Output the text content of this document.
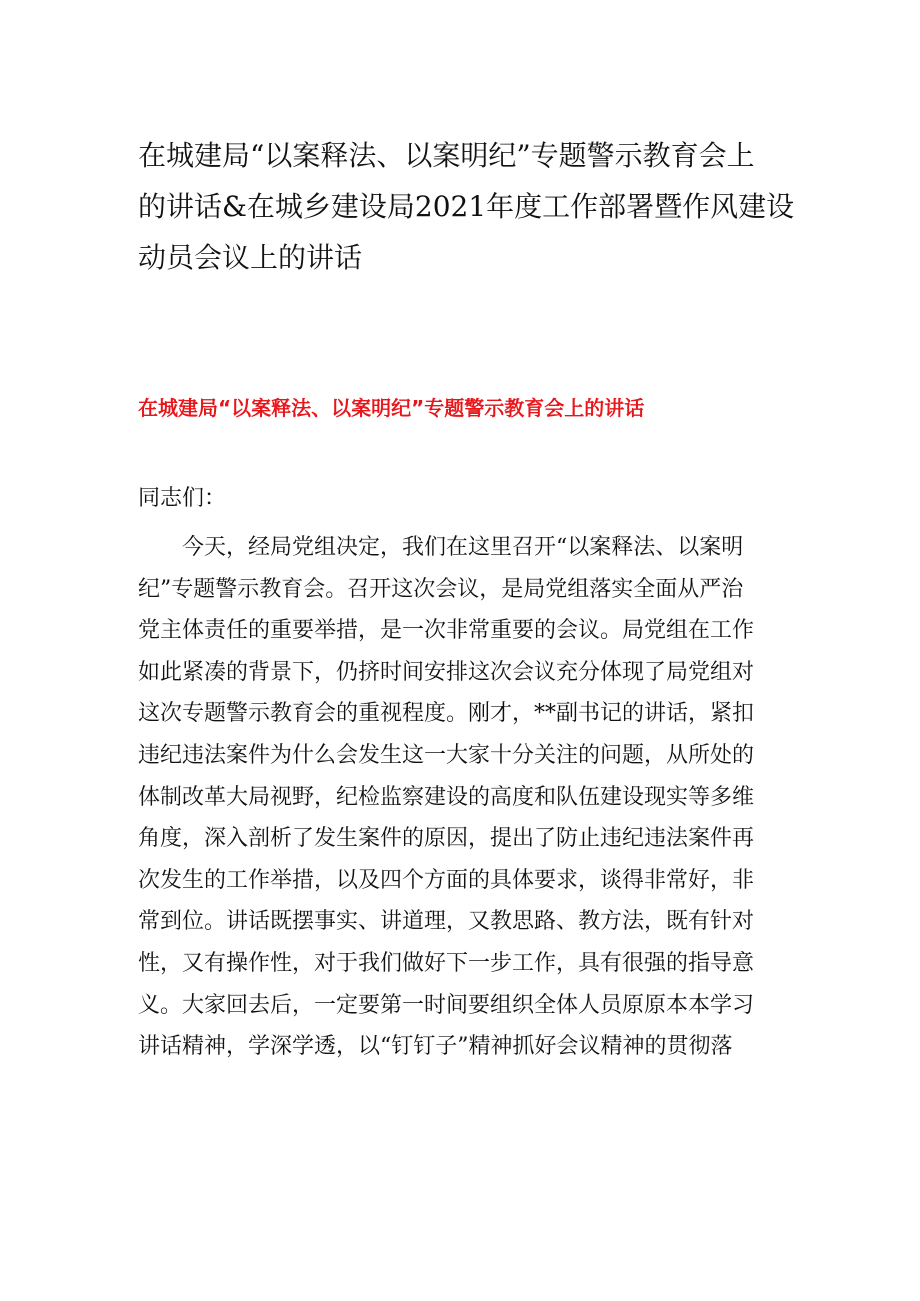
在城建局“以案释法、以案明纪”专题警示教育会上
的讲话&在城乡建设局2021年度工作部署暨作风建设
动员会议上的讲话
在城建局“以案释法、以案明纪”专题警示教育会上的讲话

同志们：

　　今天，经局党组决定，我们在这里召开“以案释法、以案明
纪”专题警示教育会。召开这次会议，是局党组落实全面从严治
党主体责任的重要举措，是一次非常重要的会议。局党组在工作
如此紧凑的背景下，仍挤时间安排这次会议充分体现了局党组对
这次专题警示教育会的重视程度。刚才，**副书记的讲话，紧扣
违纪违法案件为什么会发生这一大家十分关注的问题，从所处的
体制改革大局视野，纪检监察建设的高度和队伍建设现实等多维
角度，深入剖析了发生案件的原因，提出了防止违纪违法案件再
次发生的工作举措，以及四个方面的具体要求，谈得非常好，非
常到位。讲话既摆事实、讲道理，又教思路、教方法，既有针对
性，又有操作性，对于我们做好下一步工作，具有很强的指导意
义。大家回去后，一定要第一时间要组织全体人员原原本本学习
讲话精神，学深学透，以“钉钉子”精神抓好会议精神的贯彻落
